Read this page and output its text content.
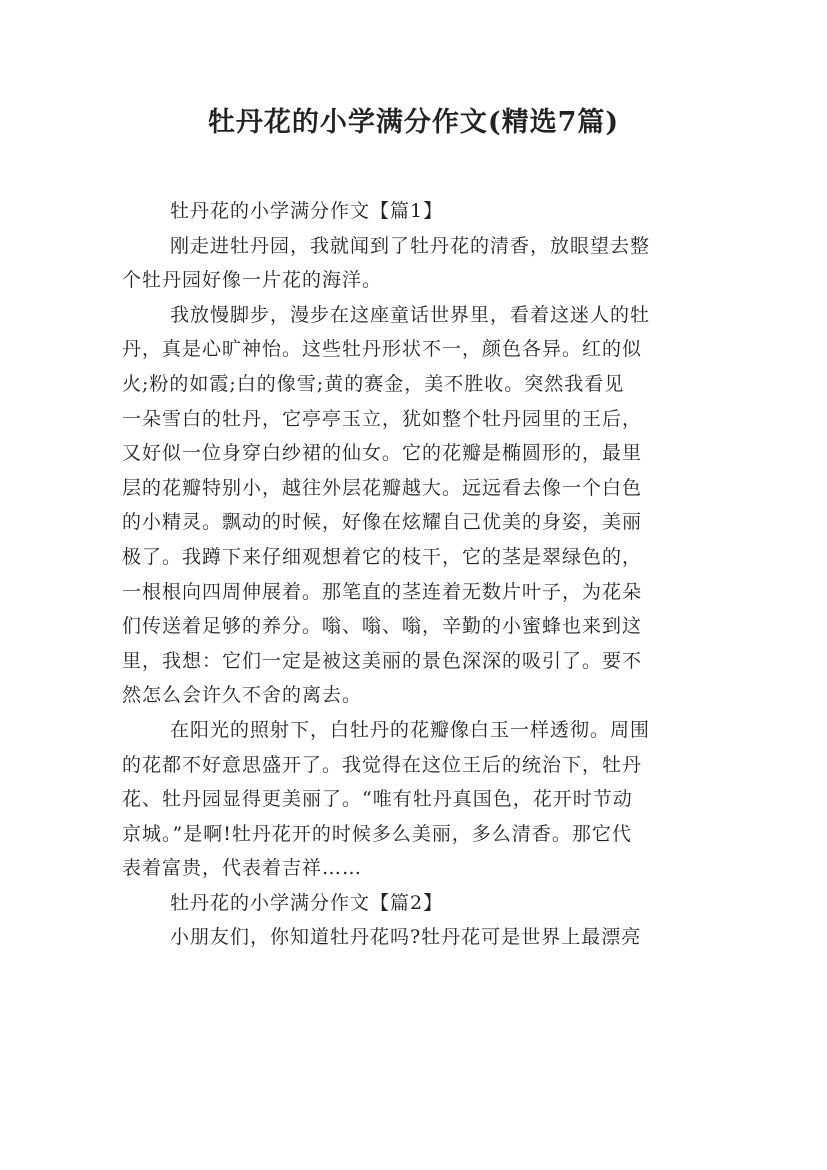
牡丹花的小学满分作文(精选7篇)
牡丹花的小学满分作文【篇1】
刚走进牡丹园，我就闻到了牡丹花的清香，放眼望去整
个牡丹园好像一片花的海洋。
我放慢脚步，漫步在这座童话世界里，看着这迷人的牡
丹，真是心旷神怡。这些牡丹形状不一，颜色各异。红的似
火;粉的如霞;白的像雪;黄的赛金，美不胜收。突然我看见
一朵雪白的牡丹，它亭亭玉立，犹如整个牡丹园里的王后，
又好似一位身穿白纱裙的仙女。它的花瓣是椭圆形的，最里
层的花瓣特别小，越往外层花瓣越大。远远看去像一个白色
的小精灵。飘动的时候，好像在炫耀自己优美的身姿，美丽
极了。我蹲下来仔细观想着它的枝干，它的茎是翠绿色的，
一根根向四周伸展着。那笔直的茎连着无数片叶子，为花朵
们传送着足够的养分。嗡、嗡、嗡，辛勤的小蜜蜂也来到这
里，我想：它们一定是被这美丽的景色深深的吸引了。要不
然怎么会许久不舍的离去。
在阳光的照射下，白牡丹的花瓣像白玉一样透彻。周围
的花都不好意思盛开了。我觉得在这位王后的统治下，牡丹
花、牡丹园显得更美丽了。“唯有牡丹真国色，花开时节动
京城。”是啊!牡丹花开的时候多么美丽，多么清香。那它代
表着富贵，代表着吉祥……
牡丹花的小学满分作文【篇2】
小朋友们，你知道牡丹花吗?牡丹花可是世界上最漂亮
